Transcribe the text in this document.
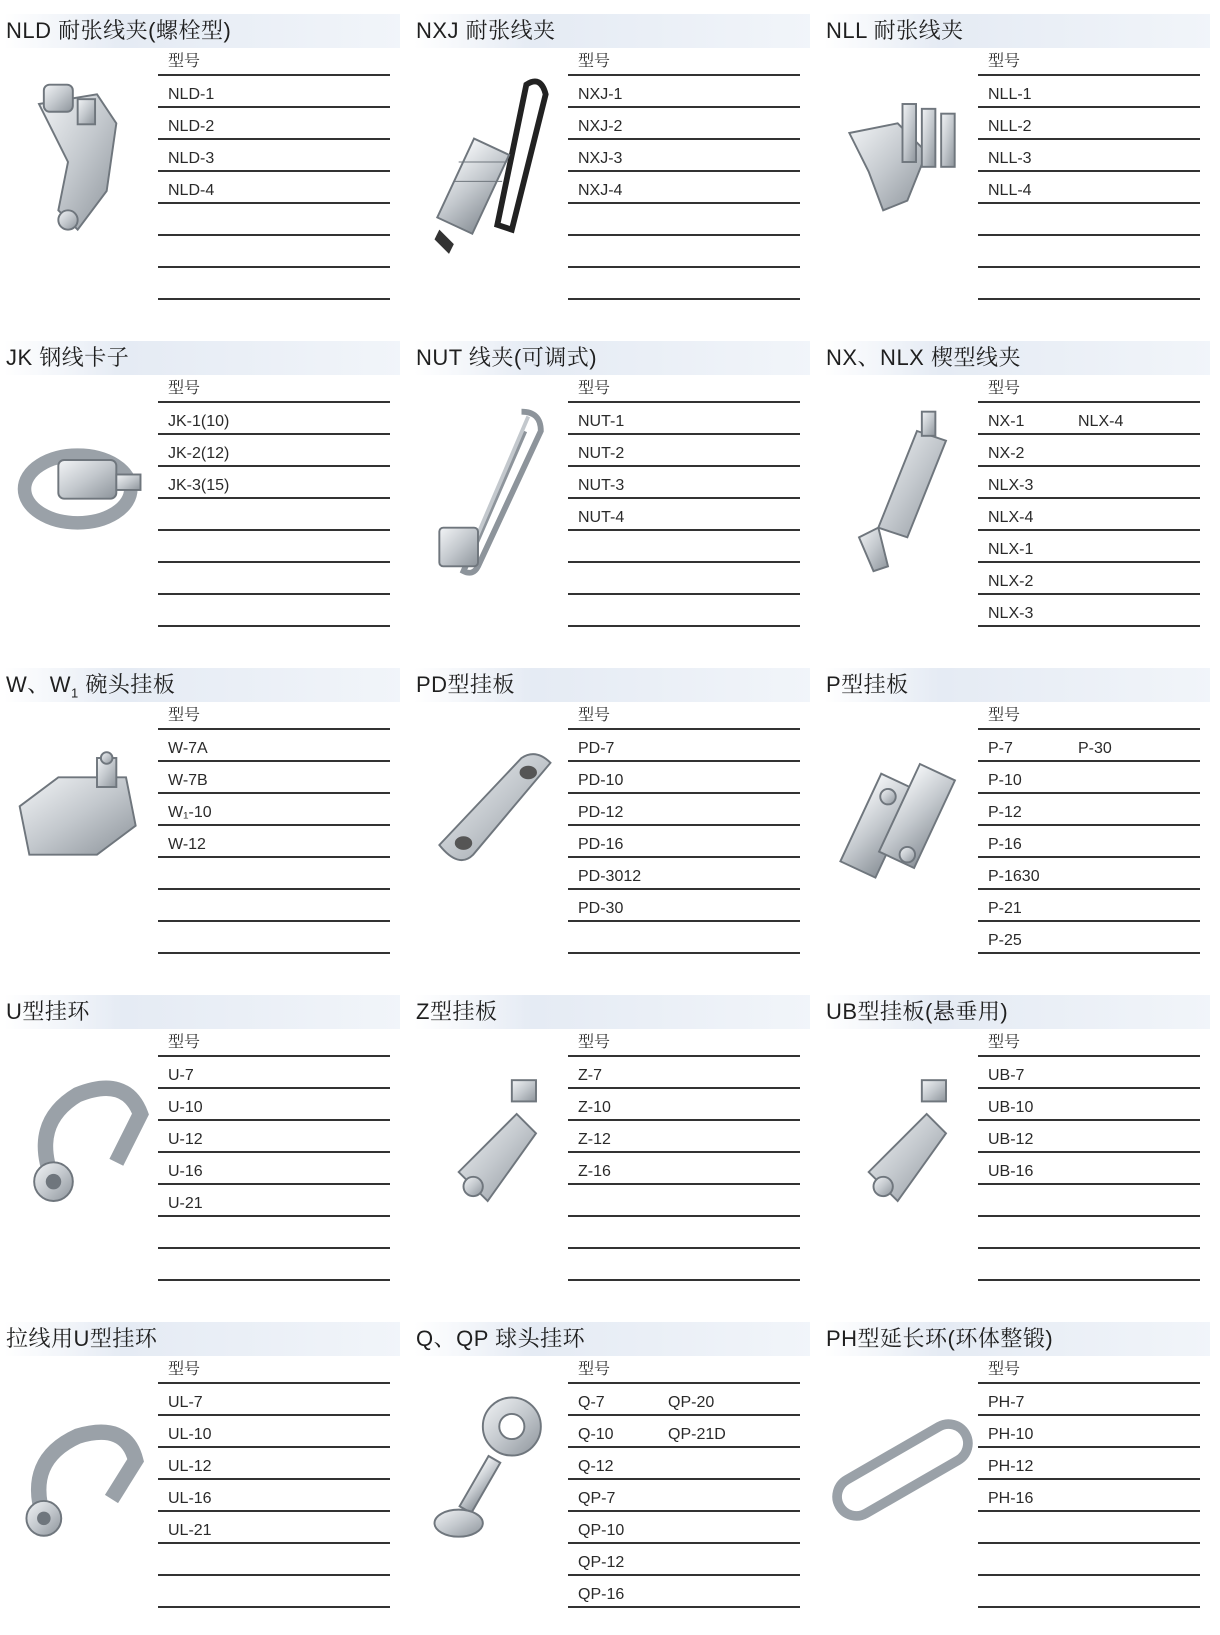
NLD 耐张线夹(螺栓型)
型号
NLD-1
NLD-2
NLD-3
NLD-4
NXJ 耐张线夹
型号
NXJ-1
NXJ-2
NXJ-3
NXJ-4
NLL 耐张线夹
型号
NLL-1
NLL-2
NLL-3
NLL-4
JK 钢线卡子
型号
JK-1(10)
JK-2(12)
JK-3(15)
NUT 线夹(可调式)
型号
NUT-1
NUT-2
NUT-3
NUT-4
NX、NLX 楔型线夹
型号
NX-1	NLX-4
NX-2
NLX-3
NLX-4
NLX-1
NLX-2
NLX-3
W、$W_1$ 碗头挂板
型号
W-7A
W-7B
W₁-10
W-12
PD型挂板
型号
PD-7
PD-10
PD-12
PD-16
PD-3012
PD-30
P型挂板
型号
P-7	P-30
P-10
P-12
P-16
P-1630
P-21
P-25
U型挂环
型号
U-7
U-10
U-12
U-16
U-21
Z型挂板
型号
Z-7
Z-10
Z-12
Z-16
UB型挂板(悬垂用)
型号
UB-7
UB-10
UB-12
UB-16
拉线用U型挂环
型号
UL-7
UL-10
UL-12
UL-16
UL-21
Q、QP 球头挂环
型号
Q-7	QP-20
Q-10	QP-21D
Q-12
QP-7
QP-10
QP-12
QP-16
PH型延长环(环体整锻)
型号
PH-7
PH-10
PH-12
PH-16
